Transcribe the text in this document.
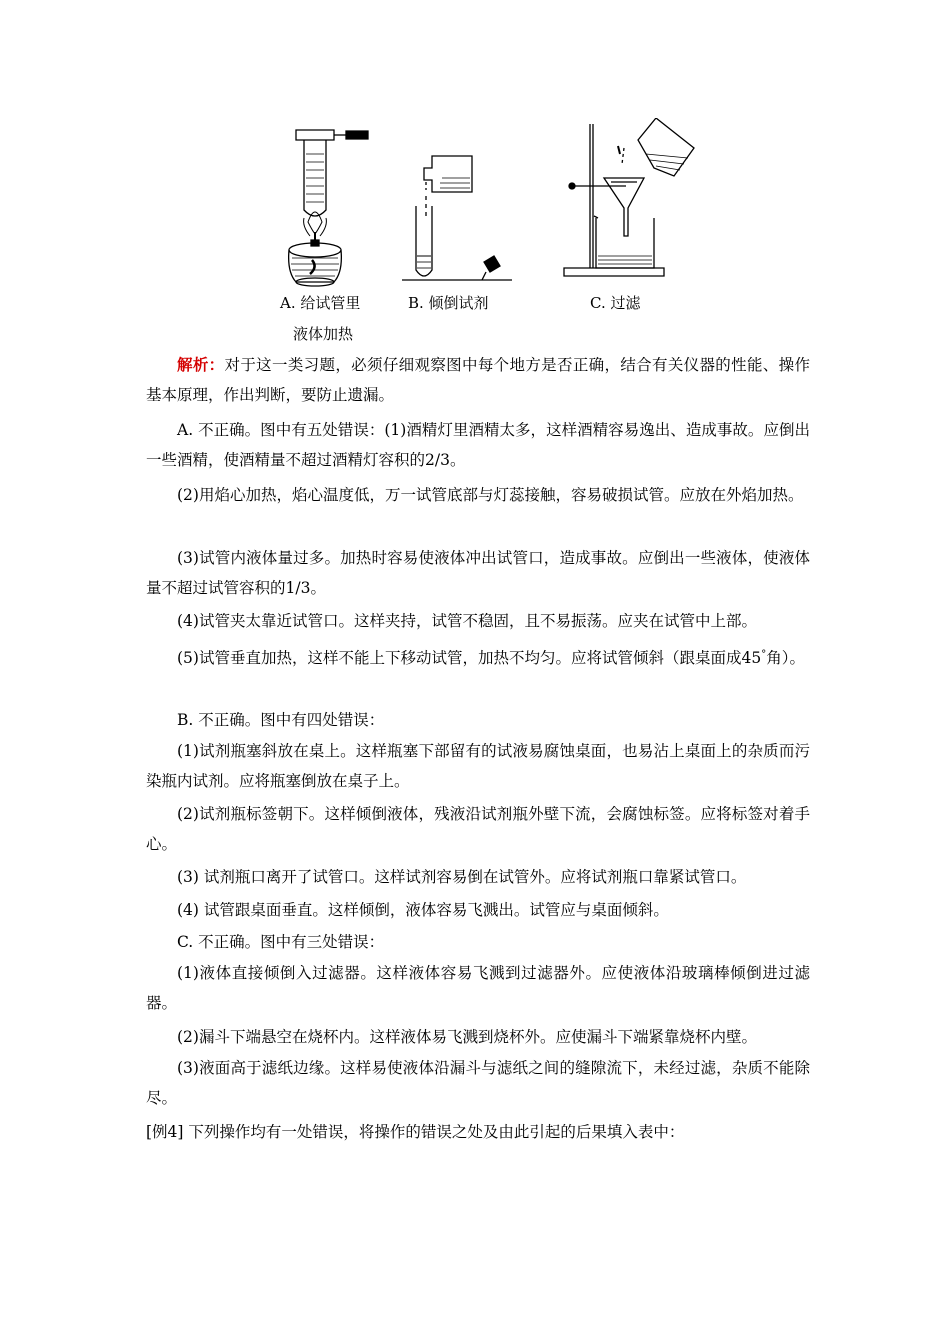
A. 给试管里
液体加热
B. 倾倒试剂	C. 过滤
解析：对于这一类习题，必须仔细观察图中每个地方是否正确，结合有关仪器的性能、操作基本原理，作出判断，要防止遗漏。
A. 不正确。图中有五处错误：(1)酒精灯里酒精太多，这样酒精容易逸出、造成事故。应倒出一些酒精，使酒精量不超过酒精灯容积的2/3。
(2)用焰心加热，焰心温度低，万一试管底部与灯蕊接触，容易破损试管。应放在外焰加热。
(3)试管内液体量过多。加热时容易使液体冲出试管口，造成事故。应倒出一些液体，使液体量不超过试管容积的1/3。
(4)试管夹太靠近试管口。这样夹持，试管不稳固，且不易振荡。应夹在试管中上部。
(5)试管垂直加热，这样不能上下移动试管，加热不均匀。应将试管倾斜（跟桌面成45°角）。
B. 不正确。图中有四处错误：
(1)试剂瓶塞斜放在桌上。这样瓶塞下部留有的试液易腐蚀桌面，也易沾上桌面上的杂质而污染瓶内试剂。应将瓶塞倒放在桌子上。
(2)试剂瓶标签朝下。这样倾倒液体，残液沿试剂瓶外壁下流，会腐蚀标签。应将标签对着手心。
(3) 试剂瓶口离开了试管口。这样试剂容易倒在试管外。应将试剂瓶口靠紧试管口。
(4) 试管跟桌面垂直。这样倾倒，液体容易飞溅出。试管应与桌面倾斜。
C. 不正确。图中有三处错误：
(1)液体直接倾倒入过滤器。这样液体容易飞溅到过滤器外。应使液体沿玻璃棒倾倒进过滤器。
(2)漏斗下端悬空在烧杯内。这样液体易飞溅到烧杯外。应使漏斗下端紧靠烧杯内壁。
(3)液面高于滤纸边缘。这样易使液体沿漏斗与滤纸之间的缝隙流下，未经过滤，杂质不能除尽。
[例4] 下列操作均有一处错误，将操作的错误之处及由此引起的后果填入表中：
